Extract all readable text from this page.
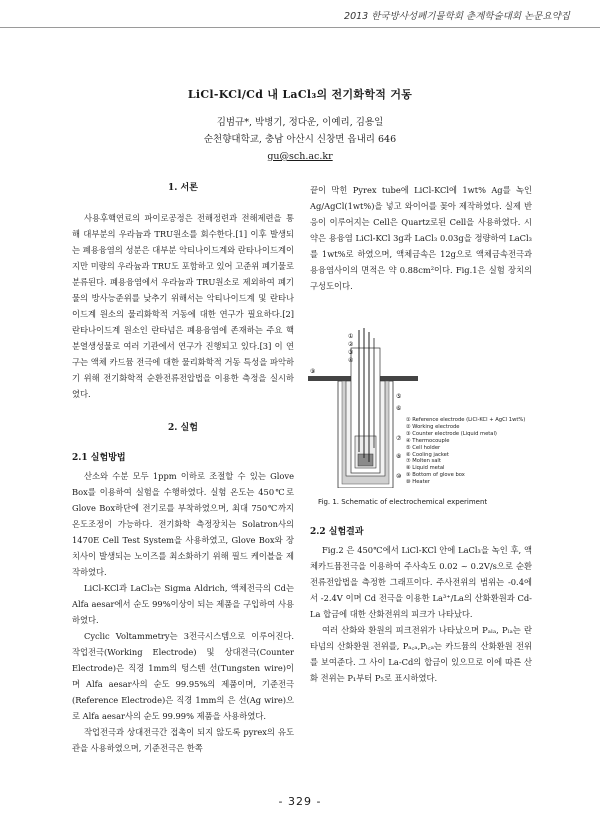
2013 한국방사성폐기물학회 춘계학술대회 논문요약집
LiCl-KCl/Cd 내 LaCl₃의 전기화학적 거동
김범규*, 박병기, 정다운, 이예리, 김용일
순천향대학교, 충남 아산시 신창면 읍내리 646
gu@sch.ac.kr
1. 서론

사용후핵연료의 파이로공정은 전해정련과 전해제련을 통해 대부분의 우라늄과 TRU원소를 회수한다.[1] 이후 발생되는 폐용융염의 성분은 대부분 악티나이드계와 란타나이드계이지만 미량의 우라늄과 TRU도 포함하고 있어 고준위 폐기물로 분류된다. 폐용융염에서 우라늄과 TRU원소로 제외하여 폐기물의 방사능준위를 낮추기 위해서는 악티나이드계 및 란타나이드계 원소의 물리화학적 거동에 대한 연구가 필요하다.[2] 란타나이드계 원소인 란타넘은 폐용융염에 존재하는 주요 핵분열생성물로 여러 기관에서 연구가 진행되고 있다.[3] 이 연구는 액체 카드뮴 전극에 대한 물리화학적 거동 특성을 파악하기 위해 전기화학적 순환전류전압법을 이용한 측정을 실시하였다.

2. 실험
2.1 실험방법

산소와 수분 모두 1ppm 이하로 조절할 수 있는 Glove Box를 이용하여 실험을 수행하였다. 실험 온도는 450℃로 Glove Box하단에 전기로를 부착하였으며, 최대 750℃까지 온도조정이 가능하다. 전기화학 측정장치는 Solatron사의 1470E Cell Test System을 사용하였고, Glove Box와 장치사이 발생되는 노이즈를 최소화하기 위해 필드 케이블을 제작하였다.

LiCl-KCl과 LaCl₃는 Sigma Aldrich, 액체전극의 Cd는 Alfa aesar에서 순도 99%이상이 되는 제품을 구입하여 사용하였다.

Cyclic Voltammetry는 3전극시스템으로 이루어진다. 작업전극(Working Electrode) 및 상대전극(Counter Electrode)은 직경 1mm의 텅스텐 선(Tungsten wire)이며 Alfa aesar사의 순도 99.95%의 제품이며, 기준전극(Reference Electrode)은 직경 1mm의 은 선(Ag wire)으로 Alfa aesar사의 순도 99.99% 제품을 사용하였다.

작업전극과 상대전극간 접촉이 되지 않도록 pyrex의 유도관을 사용하였으며, 기준전극은 한쪽

끝이 막힌 Pyrex tube에 LiCl-KCl에 1wt% Ag를 녹인Ag/AgCl(1wt%)을 넣고 와이어를 꽂아 제작하였다. 실제 반응이 이루어지는 Cell은 Quartz로된 Cell을 사용하였다. 시약은 용융염 LiCl-KCl 3g과 LaCl₃ 0.03g을 정량하여 LaCl₃를 1wt%로 하였으며, 액체금속은 12g으로 액체금속전극과 용융염사이의 면적은 약 0.88cm²이다. Fig.1은 실험 장치의 구성도이다.

①
②
③
④
⑤
⑥
⑦
⑧
⑨
⑩
① Reference electrode (LiCl-KCl + AgCl 1wt%)
② Working electrode
③ Counter electrode (Liquid metal)
④ Thermocouple
⑤ Cell holder
⑥ Cooling jacket
⑦ Molten salt
⑧ Liquid metal
⑨ Bottom of glove box
⑩ Heater
Fig. 1. Schematic of electrochemical experiment
2.2 실험결과

Fig.2 은 450℃에서 LiCl-KCl 안에 LaCl₃을 녹인 후, 액체카드뮴전극을 이용하여 주사속도 0.02 ~ 0.2V/s으로 순환전류전압법을 측정한 그래프이다. 주사전위의 범위는 -0.4에서 -2.4V 이며 Cd 전극을 이용한 La³⁺/La의 산화환원과 Cd-La 합금에 대한 산화전위의 피크가 나타났다.

여러 산화와 환원의 피크전위가 나타났으며 Pₐₗₐ, Pₗₐ는 란타넘의 산화환원 전위를, Pₐ꜀ₐ,Pₗ꜀ₐ는 카드뮴의 산화환원 전위를 보여준다. 그 사이 La-Cd의 합금이 있으므로 이에 따른 산화 전위는 P₁부터 P₅로 표시하였다.

- 329 -
